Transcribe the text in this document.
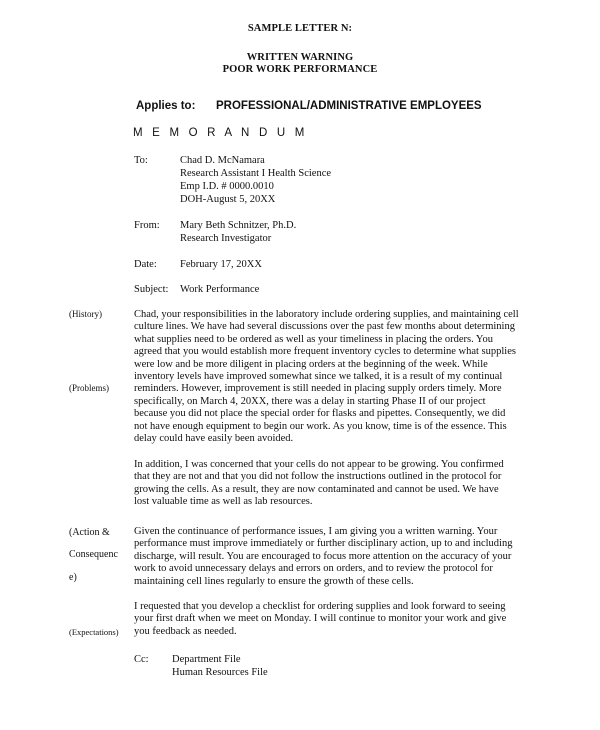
SAMPLE LETTER N:
WRITTEN WARNING
POOR WORK PERFORMANCE
Applies to: PROFESSIONAL/ADMINISTRATIVE EMPLOYEES
M E M O R A N D U M
To:	Chad D. McNamara
Research Assistant I Health Science
Emp I.D. # 0000.0010
DOH-August 5, 20XX
From: Mary Beth Schnitzer, Ph.D.
Research Investigator
Date: February 17, 20XX
Subject: Work Performance
(History)
(Problems)
(Action &
Consequenc
e)
(Expectations)
Chad, your responsibilities in the laboratory include ordering supplies, and maintaining cell
culture lines. We have had several discussions over the past few months about determining
what supplies need to be ordered as well as your timeliness in placing the orders. You
agreed that you would establish more frequent inventory cycles to determine what supplies
were low and be more diligent in placing orders at the beginning of the week. While
inventory levels have improved somewhat since we talked, it is a result of my continual
reminders. However, improvement is still needed in placing supply orders timely. More
specifically, on March 4, 20XX, there was a delay in starting Phase II of our project
because you did not place the special order for flasks and pipettes. Consequently, we did
not have enough equipment to begin our work. As you know, time is of the essence. This
delay could have easily been avoided.
In addition, I was concerned that your cells do not appear to be growing. You confirmed
that they are not and that you did not follow the instructions outlined in the protocol for
growing the cells. As a result, they are now contaminated and cannot be used. We have
lost valuable time as well as lab resources.
Given the continuance of performance issues, I am giving you a written warning. Your
performance must improve immediately or further disciplinary action, up to and including
discharge, will result. You are encouraged to focus more attention on the accuracy of your
work to avoid unnecessary delays and errors on orders, and to review the protocol for
maintaining cell lines regularly to ensure the growth of these cells.
I requested that you develop a checklist for ordering supplies and look forward to seeing
your first draft when we meet on Monday. I will continue to monitor your work and give
you feedback as needed.
Cc: Department File
Human Resources File
